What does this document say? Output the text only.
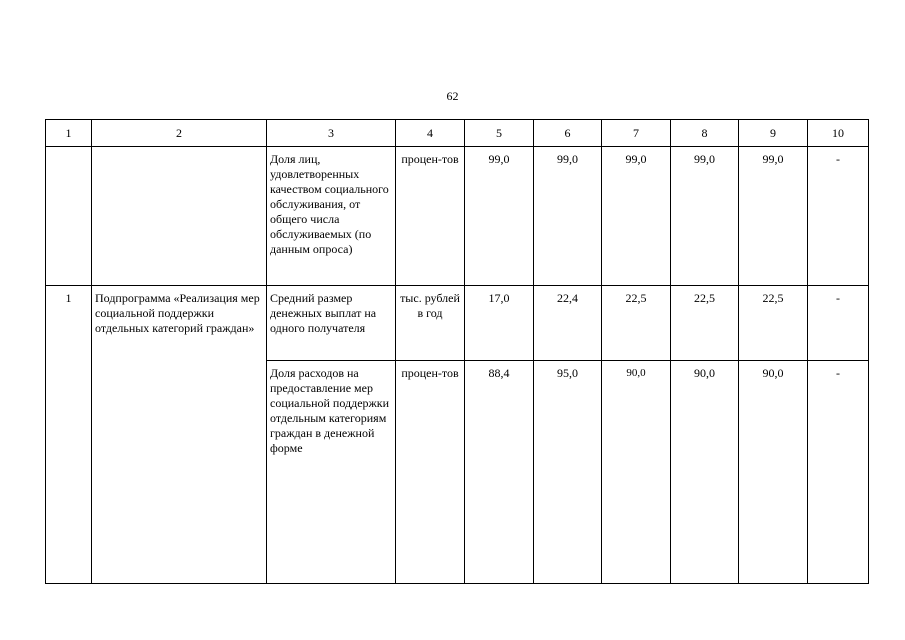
62
1	2	3	4	5	6	7	8	9	10

		Доля лиц, удовлетворенных качеством социального обслуживания, от общего числа обслуживаемых (по данным опроса)	процен-тов	99,0	99,0	99,0	99,0	99,0	-

1	Подпрограмма «Реализация мер социальной поддержки отдельных категорий граждан»	Средний размер денежных выплат на одного получателя	тыс. рублей в год	17,0	22,4	22,5	22,5	22,5	-

		Доля расходов на предоставление мер социальной поддержки отдельным категориям граждан в денежной форме	процен-тов	88,4	95,0	90,0	90,0	90,0	-
